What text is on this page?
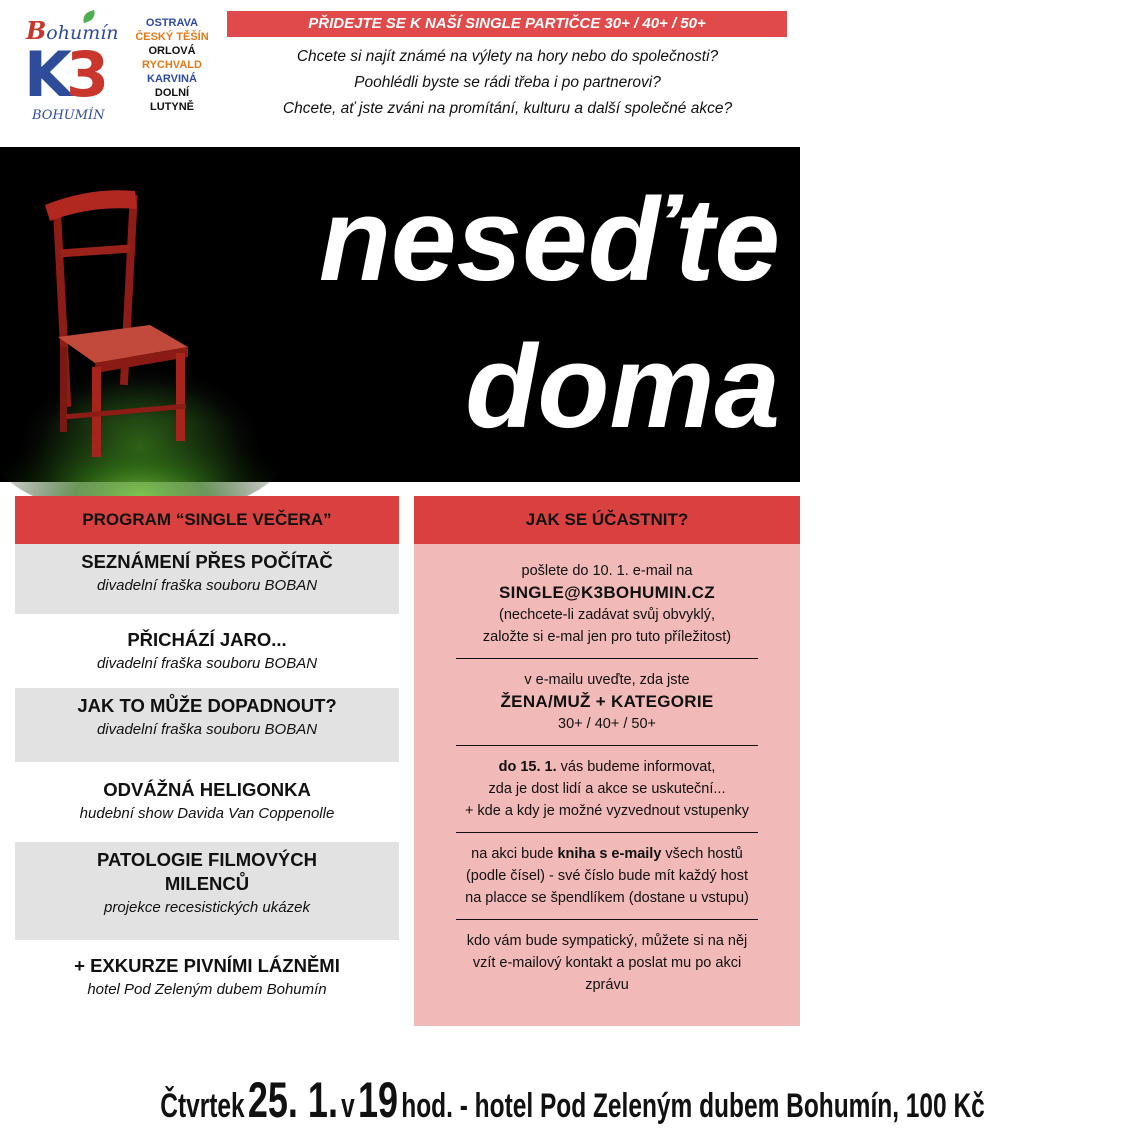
Bohumín
K3
BOHUMÍN
OSTRAVA
ČESKÝ TĚŠÍN
ORLOVÁ
RYCHVALD
KARVINÁ
DOLNÍ
LUTYNĚ
PŘIDEJTE SE K NAŠÍ SINGLE PARTIČCE 30+ / 40+ / 50+
Chcete si najít známé na výlety na hory nebo do společnosti?
Poohlédli byste se rádi třeba i po partnerovi?
Chcete, ať jste zváni na promítání, kulturu a další společné akce?
neseďte
doma
PROGRAM “SINGLE VEČERA”
SEZNÁMENÍ PŘES POČÍTAČ
divadelní fraška souboru BOBAN
PŘICHÁZÍ JARO...
divadelní fraška souboru BOBAN
JAK TO MŮŽE DOPADNOUT?
divadelní fraška souboru BOBAN
ODVÁŽNÁ HELIGONKA
hudební show Davida Van Coppenolle
PATOLOGIE FILMOVÝCH MILENCŮ
projekce recesistických ukázek
+ EXKURZE PIVNÍMI LÁZNĚMI
hotel Pod Zeleným dubem Bohumín
JAK SE ÚČASTNIT?
pošlete do 10. 1. e-mail na
SINGLE@K3BOHUMIN.CZ
(nechcete-li zadávat svůj obvyklý,
založte si e-mal jen pro tuto příležitost)
v e-mailu uveďte, zda jste
ŽENA/MUŽ + KATEGORIE
30+ / 40+ / 50+
do 15. 1. vás budeme informovat,
zda je dost lidí a akce se uskuteční...
+ kde a kdy je možné vyzvednout vstupenky
na akci bude kniha s e-maily všech hostů
(podle čísel) - své číslo bude mít každý host
na placce se špendlíkem (dostane u vstupu)
kdo vám bude sympatický, můžete si na něj
vzít e-mailový kontakt a poslat mu po akci
zprávu
Čtvrtek 25. 1. v 19 hod. - hotel Pod Zeleným dubem Bohumín, 100 Kč
